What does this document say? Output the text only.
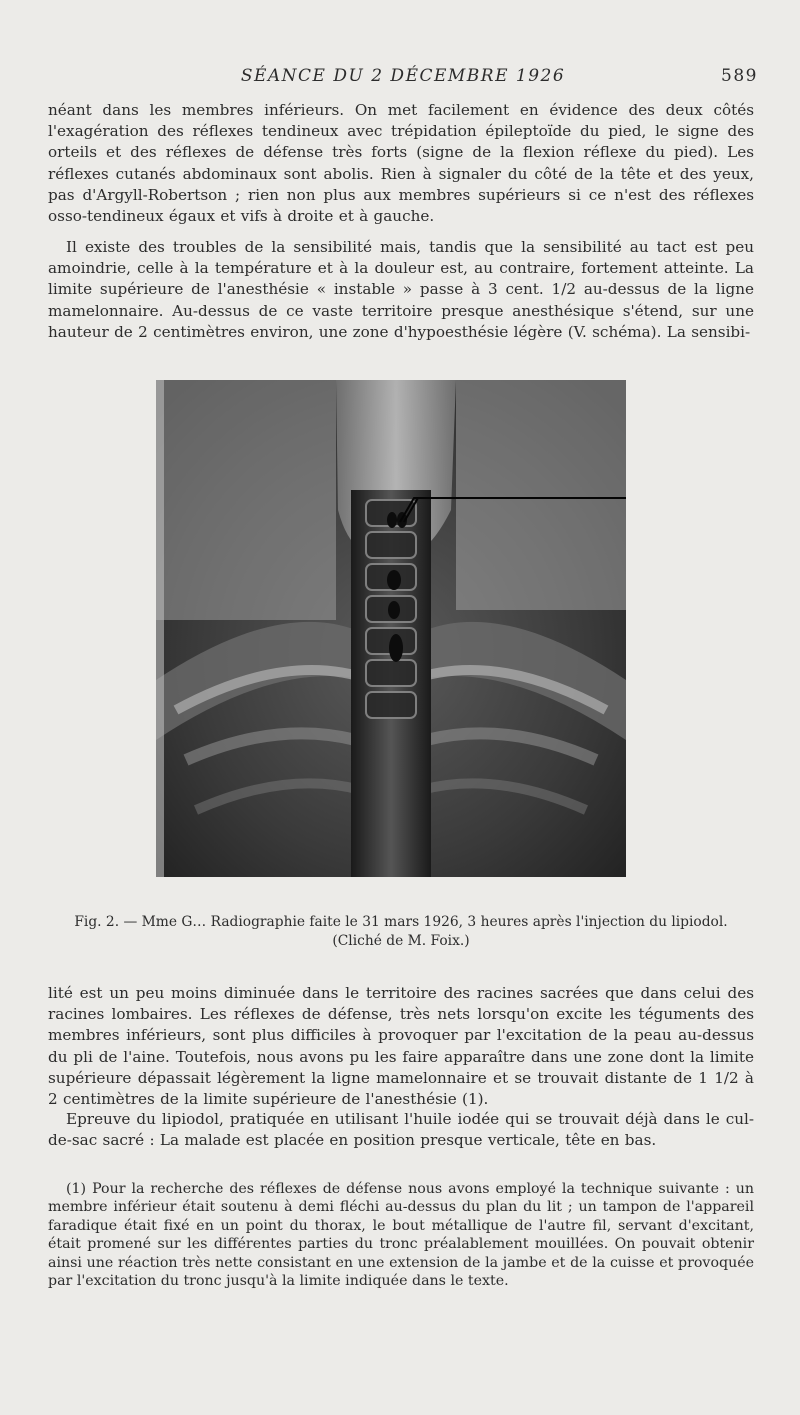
SÉANCE DU 2 DÉCEMBRE 1926	589

néant dans les membres inférieurs. On met facilement en évidence des deux côtés l'exagération des réflexes tendineux avec trépidation épileptoïde du pied, le signe des orteils et des réflexes de défense très forts (signe de la flexion réflexe du pied). Les réflexes cutanés abdominaux sont abolis. Rien à signaler du côté de la tête et des yeux, pas d'Argyll-Robertson ; rien non plus aux membres supérieurs si ce n'est des réflexes osso-tendineux égaux et vifs à droite et à gauche.

Il existe des troubles de la sensibilité mais, tandis que la sensibilité au tact est peu amoindrie, celle à la température et à la douleur est, au contraire, fortement atteinte. La limite supérieure de l'anesthésie « instable » passe à 3 cent. 1/2 au-dessus de la ligne mamelonnaire. Au-dessus de ce vaste territoire presque anesthésique s'étend, sur une hauteur de 2 centimètres environ, une zone d'hypoesthésie légère (V. schéma). La sensibi-

Fig. 2. — Mme G… Radiographie faite le 31 mars 1926, 3 heures après l'injection du lipiodol.
(Cliché de M. Foix.)

lité est un peu moins diminuée dans le territoire des racines sacrées que dans celui des racines lombaires. Les réflexes de défense, très nets lorsqu'on excite les téguments des membres inférieurs, sont plus difficiles à provoquer par l'excitation de la peau au-dessus du pli de l'aine. Toutefois, nous avons pu les faire apparaître dans une zone dont la limite supérieure dépassait légèrement la ligne mamelonnaire et se trouvait distante de 1 1/2 à 2 centimètres de la limite supérieure de l'anesthésie (1).

Epreuve du lipiodol, pratiquée en utilisant l'huile iodée qui se trouvait déjà dans le cul-de-sac sacré : La malade est placée en position presque verticale, tête en bas.

(1) Pour la recherche des réflexes de défense nous avons employé la technique suivante : un membre inférieur était soutenu à demi fléchi au-dessus du plan du lit ; un tampon de l'appareil faradique était fixé en un point du thorax, le bout métallique de l'autre fil, servant d'excitant, était promené sur les différentes parties du tronc préalablement mouillées. On pouvait obtenir ainsi une réaction très nette consistant en une extension de la jambe et de la cuisse et provoquée par l'excitation du tronc jusqu'à la limite indiquée dans le texte.
